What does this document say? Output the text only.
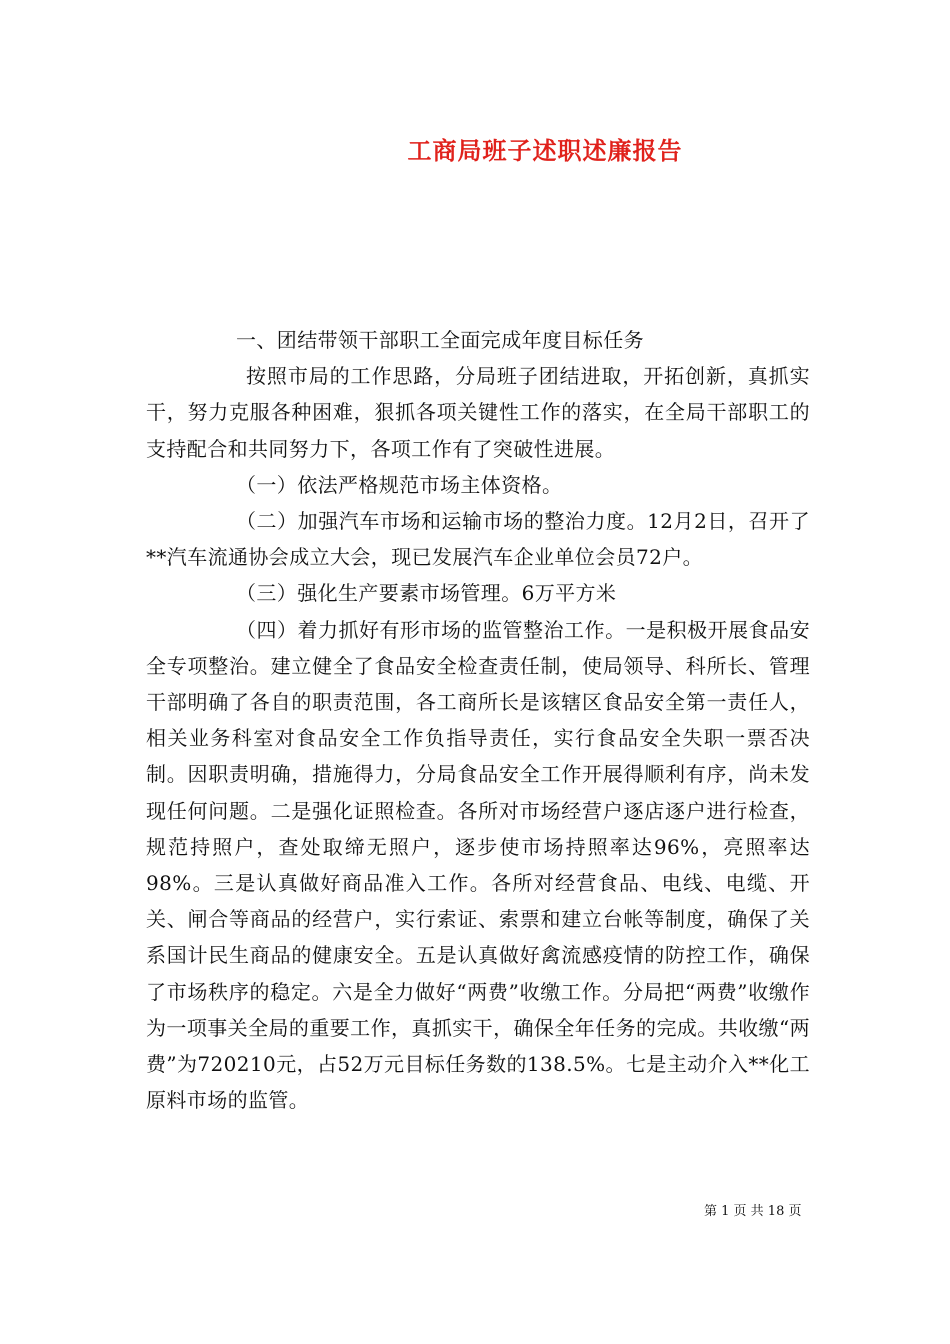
工商局班子述职述廉报告

一、团结带领干部职工全面完成年度目标任务

按照市局的工作思路，分局班子团结进取，开拓创新，真抓实干，努力克服各种困难，狠抓各项关键性工作的落实，在全局干部职工的支持配合和共同努力下，各项工作有了突破性进展。

（一）依法严格规范市场主体资格。

（二）加强汽车市场和运输市场的整治力度。12月2日，召开了**汽车流通协会成立大会，现已发展汽车企业单位会员72户。

（三）强化生产要素市场管理。6万平方米

（四）着力抓好有形市场的监管整治工作。一是积极开展食品安全专项整治。建立健全了食品安全检查责任制，使局领导、科所长、管理干部明确了各自的职责范围，各工商所长是该辖区食品安全第一责任人，相关业务科室对食品安全工作负指导责任，实行食品安全失职一票否决制。因职责明确，措施得力，分局食品安全工作开展得顺利有序，尚未发现任何问题。二是强化证照检查。各所对市场经营户逐店逐户进行检查，规范持照户，查处取缔无照户，逐步使市场持照率达96%，亮照率达98%。三是认真做好商品准入工作。各所对经营食品、电线、电缆、开关、闸合等商品的经营户，实行索证、索票和建立台帐等制度，确保了关系国计民生商品的健康安全。五是认真做好禽流感疫情的防控工作，确保了市场秩序的稳定。六是全力做好“两费”收缴工作。分局把“两费”收缴作为一项事关全局的重要工作，真抓实干，确保全年任务的完成。共收缴“两费”为720210元，占52万元目标任务数的138.5%。七是主动介入**化工原料市场的监管。

第 1 页 共 18 页
